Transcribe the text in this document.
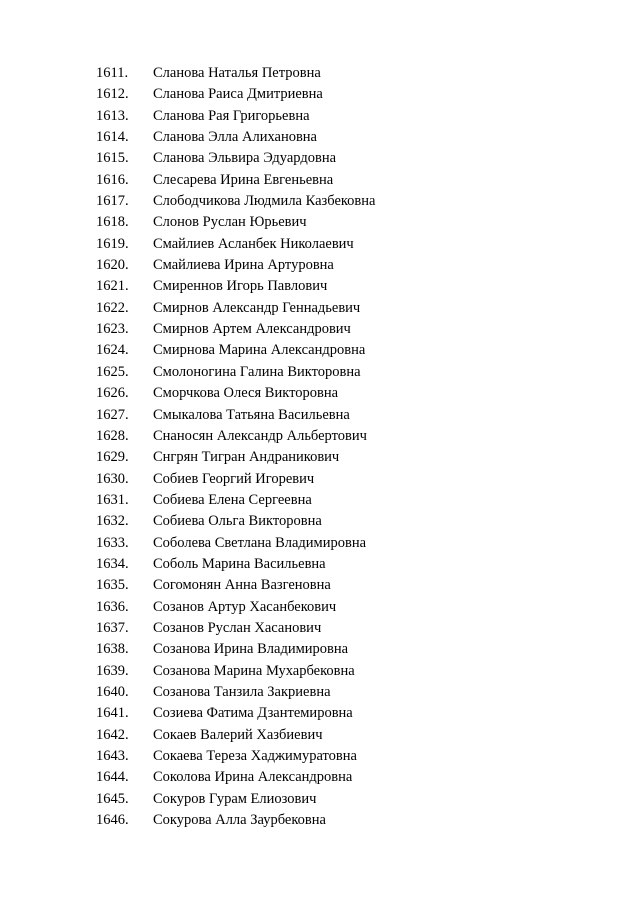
1611. Сланова Наталья Петровна
1612. Сланова Раиса Дмитриевна
1613. Сланова Рая Григорьевна
1614. Сланова Элла Алихановна
1615. Сланова Эльвира Эдуардовна
1616. Слесарева Ирина Евгеньевна
1617. Слободчикова Людмила Казбековна
1618. Слонов Руслан Юрьевич
1619. Смайлиев Асланбек Николаевич
1620. Смайлиева Ирина Артуровна
1621. Смиреннов Игорь Павлович
1622. Смирнов Александр Геннадьевич
1623. Смирнов Артем Александрович
1624. Смирнова Марина Александровна
1625. Смолоногина Галина Викторовна
1626. Сморчкова Олеся Викторовна
1627. Смыкалова Татьяна Васильевна
1628. Снаносян Александр Альбертович
1629. Снгрян Тигран Андраникович
1630. Собиев Георгий Игоревич
1631. Собиева Елена Сергеевна
1632. Собиева Ольга Викторовна
1633. Соболева Светлана Владимировна
1634. Соболь Марина Васильевна
1635. Согомонян Анна Вазгеновна
1636. Созанов Артур Хасанбекович
1637. Созанов Руслан Хасанович
1638. Созанова Ирина Владимировна
1639. Созанова Марина Мухарбековна
1640. Созанова Танзила Закриевна
1641. Созиева Фатима Дзантемировна
1642. Сокаев Валерий Хазбиевич
1643. Сокаева Тереза Хаджимуратовна
1644. Соколова Ирина Александровна
1645. Сокуров Гурам Елиозович
1646. Сокурова Алла Заурбековна
